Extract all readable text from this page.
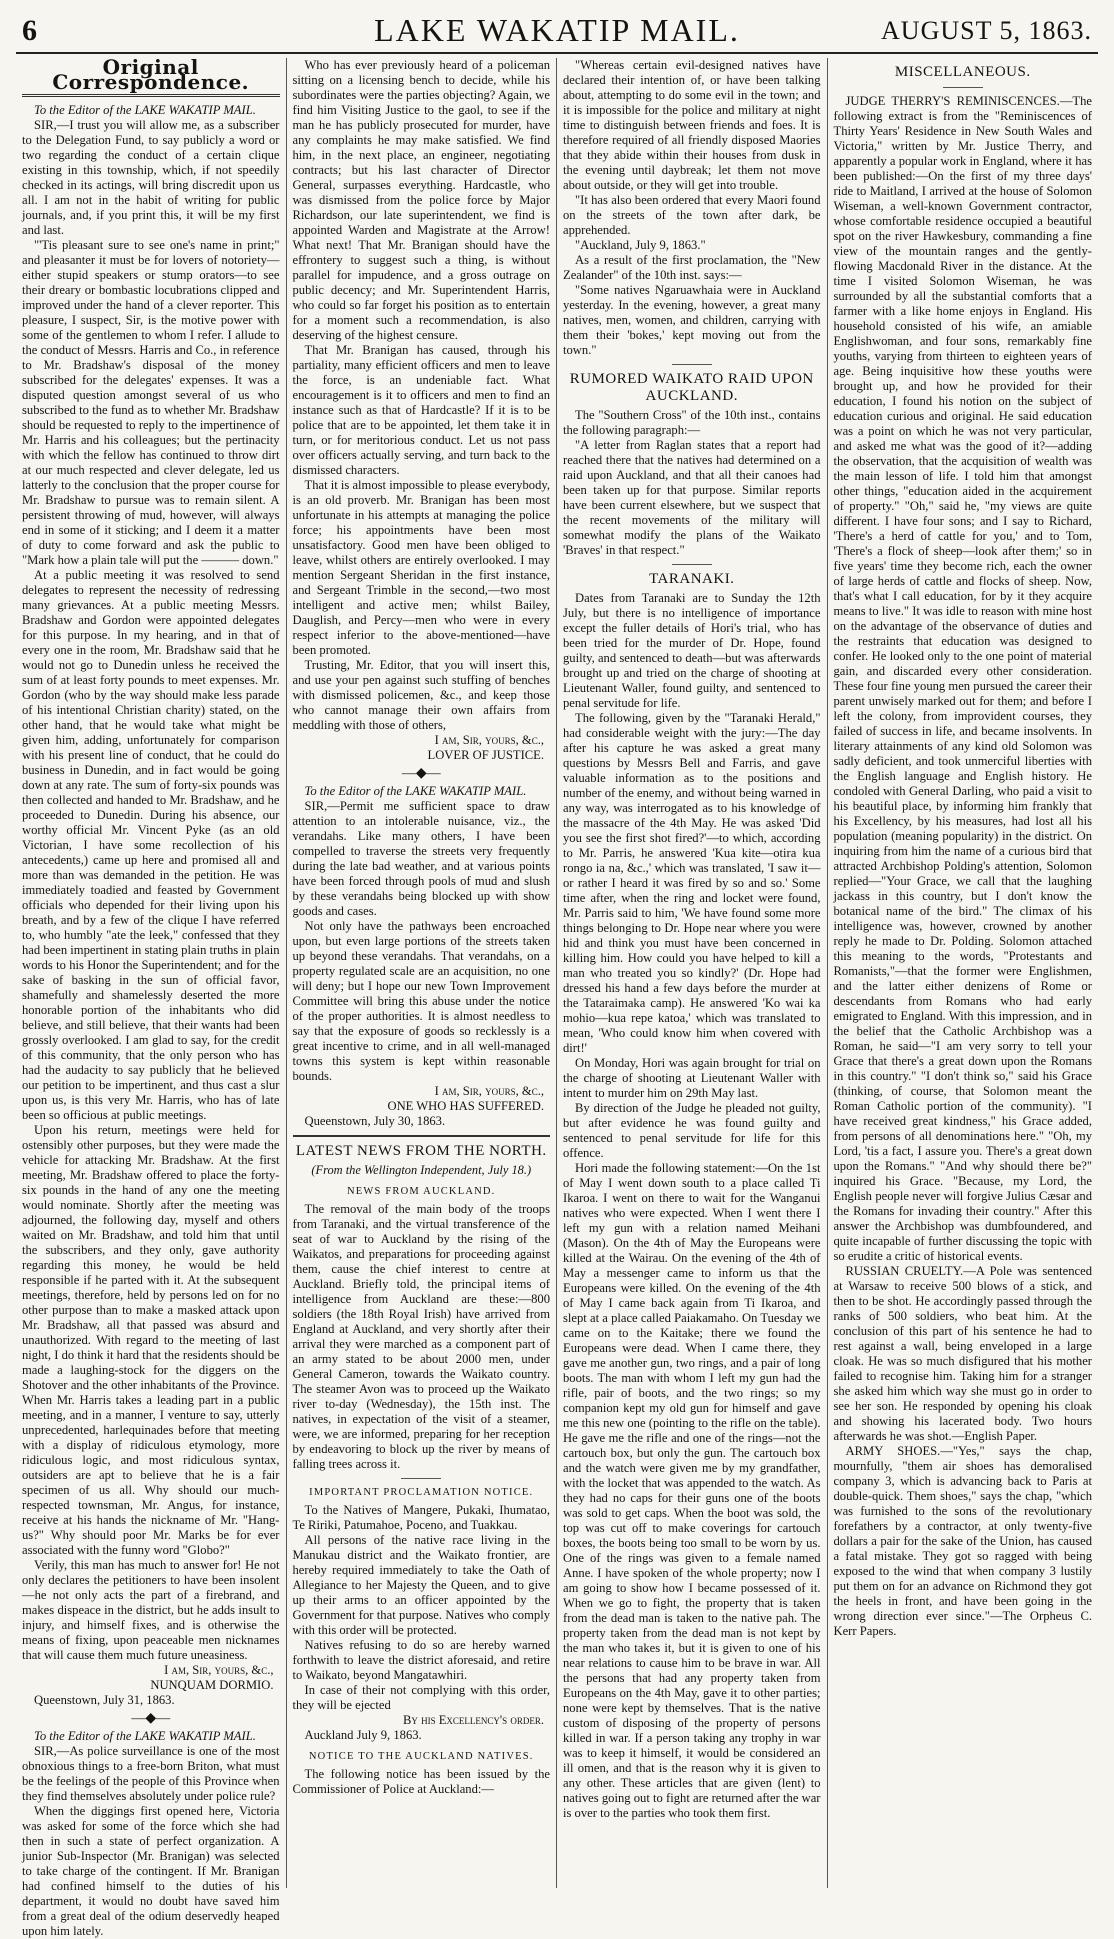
6	LAKE WAKATIP MAIL.	AUGUST 5, 1863.
Original Correspondence.

To the Editor of the LAKE WAKATIP MAIL.

SIR,—I trust you will allow me, as a subscriber to the Delegation Fund, to say publicly a word or two regarding the conduct of a certain clique existing in this township, which, if not speedily checked in its actings, will bring discredit upon us all. I am not in the habit of writing for public journals, and, if you print this, it will be my first and last.

"'Tis pleasant sure to see one's name in print;" and pleasanter it must be for lovers of notoriety—either stupid speakers or stump orators—to see their dreary or bombastic locubrations clipped and improved under the hand of a clever reporter. This pleasure, I suspect, Sir, is the motive power with some of the gentlemen to whom I refer. I allude to the conduct of Messrs. Harris and Co., in reference to Mr. Bradshaw's disposal of the money subscribed for the delegates' expenses. It was a disputed question amongst several of us who subscribed to the fund as to whether Mr. Bradshaw should be requested to reply to the impertinence of Mr. Harris and his colleagues; but the pertinacity with which the fellow has continued to throw dirt at our much respected and clever delegate, led us latterly to the conclusion that the proper course for Mr. Bradshaw to pursue was to remain silent. A persistent throwing of mud, however, will always end in some of it sticking; and I deem it a matter of duty to come forward and ask the public to "Mark how a plain tale will put the ——— down."

At a public meeting it was resolved to send delegates to represent the necessity of redressing many grievances. At a public meeting Messrs. Bradshaw and Gordon were appointed delegates for this purpose. In my hearing, and in that of every one in the room, Mr. Bradshaw said that he would not go to Dunedin unless he received the sum of at least forty pounds to meet expenses. Mr. Gordon (who by the way should make less parade of his intentional Christian charity) stated, on the other hand, that he would take what might be given him, adding, unfortunately for comparison with his present line of conduct, that he could do business in Dunedin, and in fact would be going down at any rate. The sum of forty-six pounds was then collected and handed to Mr. Bradshaw, and he proceeded to Dunedin. During his absence, our worthy official Mr. Vincent Pyke (as an old Victorian, I have some recollection of his antecedents,) came up here and promised all and more than was demanded in the petition. He was immediately toadied and feasted by Government officials who depended for their living upon his breath, and by a few of the clique I have referred to, who humbly "ate the leek," confessed that they had been impertinent in stating plain truths in plain words to his Honor the Superintendent; and for the sake of basking in the sun of official favor, shamefully and shamelessly deserted the more honorable portion of the inhabitants who did believe, and still believe, that their wants had been grossly overlooked. I am glad to say, for the credit of this community, that the only person who has had the audacity to say publicly that he believed our petition to be impertinent, and thus cast a slur upon us, is this very Mr. Harris, who has of late been so officious at public meetings.

Upon his return, meetings were held for ostensibly other purposes, but they were made the vehicle for attacking Mr. Bradshaw. At the first meeting, Mr. Bradshaw offered to place the forty-six pounds in the hand of any one the meeting would nominate. Shortly after the meeting was adjourned, the following day, myself and others waited on Mr. Bradshaw, and told him that until the subscribers, and they only, gave authority regarding this money, he would be held responsible if he parted with it. At the subsequent meetings, therefore, held by persons led on for no other purpose than to make a masked attack upon Mr. Bradshaw, all that passed was absurd and unauthorized. With regard to the meeting of last night, I do think it hard that the residents should be made a laughing-stock for the diggers on the Shotover and the other inhabitants of the Province. When Mr. Harris takes a leading part in a public meeting, and in a manner, I venture to say, utterly unprecedented, harlequinades before that meeting with a display of ridiculous etymology, more ridiculous logic, and most ridiculous syntax, outsiders are apt to believe that he is a fair specimen of us all. Why should our much-respected townsman, Mr. Angus, for instance, receive at his hands the nickname of Mr. "Hang-us?" Why should poor Mr. Marks be for ever associated with the funny word "Globo?"

Verily, this man has much to answer for! He not only declares the petitioners to have been insolent—he not only acts the part of a firebrand, and makes dispeace in the district, but he adds insult to injury, and himself fixes, and is otherwise the means of fixing, upon peaceable men nicknames that will cause them much future uneasiness.

I am, Sir, yours, &c.,

NUNQUAM DORMIO.

Queenstown, July 31, 1863.

—◆—

To the Editor of the LAKE WAKATIP MAIL.

SIR,—As police surveillance is one of the most obnoxious things to a free-born Briton, what must be the feelings of the people of this Province when they find themselves absolutely under police rule?

When the diggings first opened here, Victoria was asked for some of the force which she had then in such a state of perfect organization. A junior Sub-Inspector (Mr. Branigan) was selected to take charge of the contingent. If Mr. Branigan had confined himself to the duties of his department, it would no doubt have saved him from a great deal of the odium deservedly heaped upon him lately.

Who has ever previously heard of a policeman sitting on a licensing bench to decide, while his subordinates were the parties objecting? Again, we find him Visiting Justice to the gaol, to see if the man he has publicly prosecuted for murder, have any complaints he may make satisfied. We find him, in the next place, an engineer, negotiating contracts; but his last character of Director General, surpasses everything. Hardcastle, who was dismissed from the police force by Major Richardson, our late superintendent, we find is appointed Warden and Magistrate at the Arrow! What next! That Mr. Branigan should have the effrontery to suggest such a thing, is without parallel for impudence, and a gross outrage on public decency; and Mr. Superintendent Harris, who could so far forget his position as to entertain for a moment such a recommendation, is also deserving of the highest censure.

That Mr. Branigan has caused, through his partiality, many efficient officers and men to leave the force, is an undeniable fact. What encouragement is it to officers and men to find an instance such as that of Hardcastle? If it is to be police that are to be appointed, let them take it in turn, or for meritorious conduct. Let us not pass over officers actually serving, and turn back to the dismissed characters.

That it is almost impossible to please everybody, is an old proverb. Mr. Branigan has been most unfortunate in his attempts at managing the police force; his appointments have been most unsatisfactory. Good men have been obliged to leave, whilst others are entirely overlooked. I may mention Sergeant Sheridan in the first instance, and Sergeant Trimble in the second,—two most intelligent and active men; whilst Bailey, Dauglish, and Percy—men who were in every respect inferior to the above-mentioned—have been promoted.

Trusting, Mr. Editor, that you will insert this, and use your pen against such stuffing of benches with dismissed policemen, &c., and keep those who cannot manage their own affairs from meddling with those of others,

I am, Sir, yours, &c.,

LOVER OF JUSTICE.

—◆—

To the Editor of the LAKE WAKATIP MAIL.

SIR,—Permit me sufficient space to draw attention to an intolerable nuisance, viz., the verandahs. Like many others, I have been compelled to traverse the streets very frequently during the late bad weather, and at various points have been forced through pools of mud and slush by these verandahs being blocked up with show goods and cases.

Not only have the pathways been encroached upon, but even large portions of the streets taken up beyond these verandahs. That verandahs, on a property regulated scale are an acquisition, no one will deny; but I hope our new Town Improvement Committee will bring this abuse under the notice of the proper authorities. It is almost needless to say that the exposure of goods so recklessly is a great incentive to crime, and in all well-managed towns this system is kept within reasonable bounds.

I am, Sir, yours, &c.,

ONE WHO HAS SUFFERED.

Queenstown, July 30, 1863.

LATEST NEWS FROM THE NORTH.
(From the Wellington Independent, July 18.)
NEWS FROM AUCKLAND.

The removal of the main body of the troops from Taranaki, and the virtual transference of the seat of war to Auckland by the rising of the Waikatos, and preparations for proceeding against them, cause the chief interest to centre at Auckland. Briefly told, the principal items of intelligence from Auckland are these:—800 soldiers (the 18th Royal Irish) have arrived from England at Auckland, and very shortly after their arrival they were marched as a component part of an army stated to be about 2000 men, under General Cameron, towards the Waikato country. The steamer Avon was to proceed up the Waikato river to-day (Wednesday), the 15th inst. The natives, in expectation of the visit of a steamer, were, we are informed, preparing for her reception by endeavoring to block up the river by means of falling trees across it.

IMPORTANT PROCLAMATION NOTICE.

To the Natives of Mangere, Pukaki, Ihumatao, Te Ririki, Patumahoe, Poceno, and Tuakkau.

All persons of the native race living in the Manukau district and the Waikato frontier, are hereby required immediately to take the Oath of Allegiance to her Majesty the Queen, and to give up their arms to an officer appointed by the Government for that purpose. Natives who comply with this order will be protected.

Natives refusing to do so are hereby warned forthwith to leave the district aforesaid, and retire to Waikato, beyond Mangatawhiri.

In case of their not complying with this order, they will be ejected

By his Excellency's order.

Auckland July 9, 1863.

NOTICE TO THE AUCKLAND NATIVES.

The following notice has been issued by the Commissioner of Police at Auckland:—

"Whereas certain evil-designed natives have declared their intention of, or have been talking about, attempting to do some evil in the town; and it is impossible for the police and military at night time to distinguish between friends and foes. It is therefore required of all friendly disposed Maories that they abide within their houses from dusk in the evening until daybreak; let them not move about outside, or they will get into trouble.

"It has also been ordered that every Maori found on the streets of the town after dark, be apprehended.

"Auckland, July 9, 1863."

As a result of the first proclamation, the "New Zealander" of the 10th inst. says:—

"Some natives Ngaruawhaia were in Auckland yesterday. In the evening, however, a great many natives, men, women, and children, carrying with them their 'bokes,' kept moving out from the town."

RUMORED WAIKATO RAID UPON AUCKLAND.

The "Southern Cross" of the 10th inst., contains the following paragraph:—

"A letter from Raglan states that a report had reached there that the natives had determined on a raid upon Auckland, and that all their canoes had been taken up for that purpose. Similar reports have been current elsewhere, but we suspect that the recent movements of the military will somewhat modify the plans of the Waikato 'Braves' in that respect."

TARANAKI.

Dates from Taranaki are to Sunday the 12th July, but there is no intelligence of importance except the fuller details of Hori's trial, who has been tried for the murder of Dr. Hope, found guilty, and sentenced to death—but was afterwards brought up and tried on the charge of shooting at Lieutenant Waller, found guilty, and sentenced to penal servitude for life.

The following, given by the "Taranaki Herald," had considerable weight with the jury:—The day after his capture he was asked a great many questions by Messrs Bell and Farris, and gave valuable information as to the positions and number of the enemy, and without being warned in any way, was interrogated as to his knowledge of the massacre of the 4th May. He was asked 'Did you see the first shot fired?'—to which, according to Mr. Parris, he answered 'Kua kite—otira kua rongo ia na, &c.,' which was translated, 'I saw it—or rather I heard it was fired by so and so.' Some time after, when the ring and locket were found, Mr. Parris said to him, 'We have found some more things belonging to Dr. Hope near where you were hid and think you must have been concerned in killing him. How could you have helped to kill a man who treated you so kindly?' (Dr. Hope had dressed his hand a few days before the murder at the Tataraimaka camp). He answered 'Ko wai ka mohio—kua repe katoa,' which was translated to mean, 'Who could know him when covered with dirt!'

On Monday, Hori was again brought for trial on the charge of shooting at Lieutenant Waller with intent to murder him on 29th May last.

By direction of the Judge he pleaded not guilty, but after evidence he was found guilty and sentenced to penal servitude for life for this offence.

Hori made the following statement:—On the 1st of May I went down south to a place called Ti Ikaroa. I went on there to wait for the Wanganui natives who were expected. When I went there I left my gun with a relation named Meihani (Mason). On the 4th of May the Europeans were killed at the Wairau. On the evening of the 4th of May a messenger came to inform us that the Europeans were killed. On the evening of the 4th of May I came back again from Ti Ikaroa, and slept at a place called Paiakamaho. On Tuesday we came on to the Kaitake; there we found the Europeans were dead. When I came there, they gave me another gun, two rings, and a pair of long boots. The man with whom I left my gun had the rifle, pair of boots, and the two rings; so my companion kept my old gun for himself and gave me this new one (pointing to the rifle on the table). He gave me the rifle and one of the rings—not the cartouch box, but only the gun. The cartouch box and the watch were given me by my grandfather, with the locket that was appended to the watch. As they had no caps for their guns one of the boots was sold to get caps. When the boot was sold, the top was cut off to make coverings for cartouch boxes, the boots being too small to be worn by us. One of the rings was given to a female named Anne. I have spoken of the whole property; now I am going to show how I became possessed of it. When we go to fight, the property that is taken from the dead man is taken to the native pah. The property taken from the dead man is not kept by the man who takes it, but it is given to one of his near relations to cause him to be brave in war. All the persons that had any property taken from Europeans on the 4th May, gave it to other parties; none were kept by themselves. That is the native custom of disposing of the property of persons killed in war. If a person taking any trophy in war was to keep it himself, it would be considered an ill omen, and that is the reason why it is given to any other. These articles that are given (lent) to natives going out to fight are returned after the war is over to the parties who took them first.

MISCELLANEOUS.

JUDGE THERRY'S REMINISCENCES.—The following extract is from the "Reminiscences of Thirty Years' Residence in New South Wales and Victoria," written by Mr. Justice Therry, and apparently a popular work in England, where it has been published:—On the first of my three days' ride to Maitland, I arrived at the house of Solomon Wiseman, a well-known Government contractor, whose comfortable residence occupied a beautiful spot on the river Hawkesbury, commanding a fine view of the mountain ranges and the gently-flowing Macdonald River in the distance. At the time I visited Solomon Wiseman, he was surrounded by all the substantial comforts that a farmer with a like home enjoys in England. His household consisted of his wife, an amiable Englishwoman, and four sons, remarkably fine youths, varying from thirteen to eighteen years of age. Being inquisitive how these youths were brought up, and how he provided for their education, I found his notion on the subject of education curious and original. He said education was a point on which he was not very particular, and asked me what was the good of it?—adding the observation, that the acquisition of wealth was the main lesson of life. I told him that amongst other things, "education aided in the acquirement of property." "Oh," said he, "my views are quite different. I have four sons; and I say to Richard, 'There's a herd of cattle for you,' and to Tom, 'There's a flock of sheep—look after them;' so in five years' time they become rich, each the owner of large herds of cattle and flocks of sheep. Now, that's what I call education, for by it they acquire means to live." It was idle to reason with mine host on the advantage of the observance of duties and the restraints that education was designed to confer. He looked only to the one point of material gain, and discarded every other consideration. These four fine young men pursued the career their parent unwisely marked out for them; and before I left the colony, from improvident courses, they failed of success in life, and became insolvents. In literary attainments of any kind old Solomon was sadly deficient, and took unmerciful liberties with the English language and English history. He condoled with General Darling, who paid a visit to his beautiful place, by informing him frankly that his Excellency, by his measures, had lost all his population (meaning popularity) in the district. On inquiring from him the name of a curious bird that attracted Archbishop Polding's attention, Solomon replied—"Your Grace, we call that the laughing jackass in this country, but I don't know the botanical name of the bird." The climax of his intelligence was, however, crowned by another reply he made to Dr. Polding. Solomon attached this meaning to the words, "Protestants and Romanists,"—that the former were Englishmen, and the latter either denizens of Rome or descendants from Romans who had early emigrated to England. With this impression, and in the belief that the Catholic Archbishop was a Roman, he said—"I am very sorry to tell your Grace that there's a great down upon the Romans in this country." "I don't think so," said his Grace (thinking, of course, that Solomon meant the Roman Catholic portion of the community). "I have received great kindness," his Grace added, from persons of all denominations here." "Oh, my Lord, 'tis a fact, I assure you. There's a great down upon the Romans." "And why should there be?" inquired his Grace. "Because, my Lord, the English people never will forgive Julius Cæsar and the Romans for invading their country." After this answer the Archbishop was dumbfoundered, and quite incapable of further discussing the topic with so erudite a critic of historical events.

RUSSIAN CRUELTY.—A Pole was sentenced at Warsaw to receive 500 blows of a stick, and then to be shot. He accordingly passed through the ranks of 500 soldiers, who beat him. At the conclusion of this part of his sentence he had to rest against a wall, being enveloped in a large cloak. He was so much disfigured that his mother failed to recognise him. Taking him for a stranger she asked him which way she must go in order to see her son. He responded by opening his cloak and showing his lacerated body. Two hours afterwards he was shot.—English Paper.

ARMY SHOES.—"Yes," says the chap, mournfully, "them air shoes has demoralised company 3, which is advancing back to Paris at double-quick. Them shoes," says the chap, "which was furnished to the sons of the revolutionary forefathers by a contractor, at only twenty-five dollars a pair for the sake of the Union, has caused a fatal mistake. They got so ragged with being exposed to the wind that when company 3 lustily put them on for an advance on Richmond they got the heels in front, and have been going in the wrong direction ever since."—The Orpheus C. Kerr Papers.
